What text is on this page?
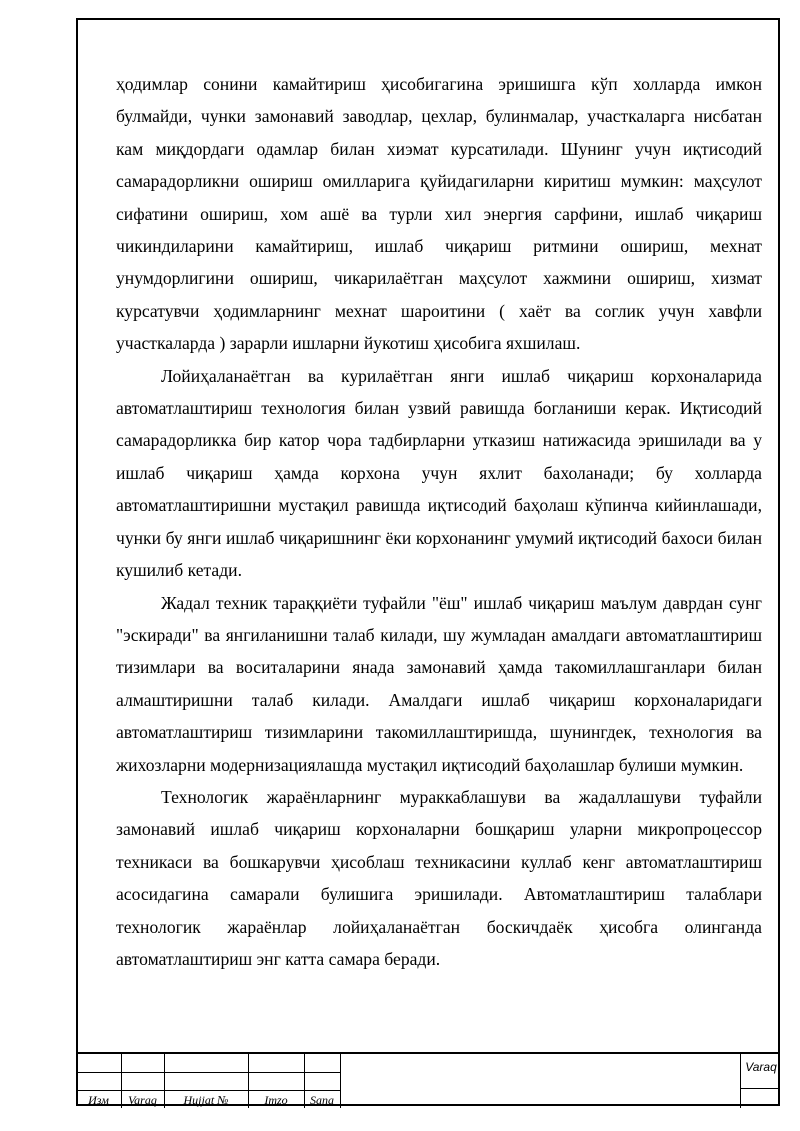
ҳодимлар сонини камайтириш ҳисобигагина эришишга кўп холларда имкон булмайди, чунки замонавий заводлар, цехлар, булинмалар, участкаларга нисбатан кам миқдордаги одамлар билан хиэмат курсатилади. Шунинг учун иқтисодий самарадорликни ошириш омилларига қуйидагиларни киритиш мумкин: маҳсулот сифатини ошириш, хом ашё ва турли хил энергия сарфини, ишлаб чиқариш чикиндиларини камайтириш, ишлаб чиқариш ритмини ошириш, мехнат унумдорлигини ошириш, чикарилаётган маҳсулот хажмини ошириш, хизмат курсатувчи ҳодимларнинг мехнат шароитини ( хаёт ва соглик учун хавфли участкаларда ) зарарли ишларни йукотиш ҳисобига яхшилаш.

Лойиҳаланаётган ва курилаётган янги ишлаб чиқариш корхоналарида автоматлаштириш технология билан узвий равишда богланиши керак. Иқтисодий самарадорликка бир катор чора тадбирларни утказиш натижасида эришилади ва у ишлаб чиқариш ҳамда корхона учун яхлит бахоланади; бу холларда автоматлаштиришни мустақил равишда иқтисодий баҳолаш кўпинча кийинлашади, чунки бу янги ишлаб чиқаришнинг ёки корхонанинг умумий иқтисодий бахоси билан кушилиб кетади.

Жадал техник тараққиёти туфайли "ёш" ишлаб чиқариш маълум даврдан сунг "эскиради" ва янгиланишни талаб килади, шу жумладан амалдаги автоматлаштириш тизимлари ва воситаларини янада замонавий ҳамда такомиллашганлари билан алмаштиришни талаб килади. Амалдаги ишлаб чиқариш корхоналаридаги автоматлаштириш тизимларини такомиллаштиришда, шунингдек, технология ва жихозларни модернизациялашда мустақил иқтисодий баҳолашлар булиши мумкин.

Технологик жараёнларнинг мураккаблашуви ва жадаллашуви туфайли замонавий ишлаб чиқариш корхоналарни бошқариш уларни микропроцессор техникаси ва бошкарувчи ҳисоблаш техникасини куллаб кенг автоматлаштириш асосидагина самарали булишига эришилади. Автоматлаштириш талаблари технологик жараёнлар лойиҳаланаётган боскичдаёк ҳисобга олинганда автоматлаштириш энг катта самара беради.

Изм	Varaq	Hujjat №	Imzo	Sana
Varaq
